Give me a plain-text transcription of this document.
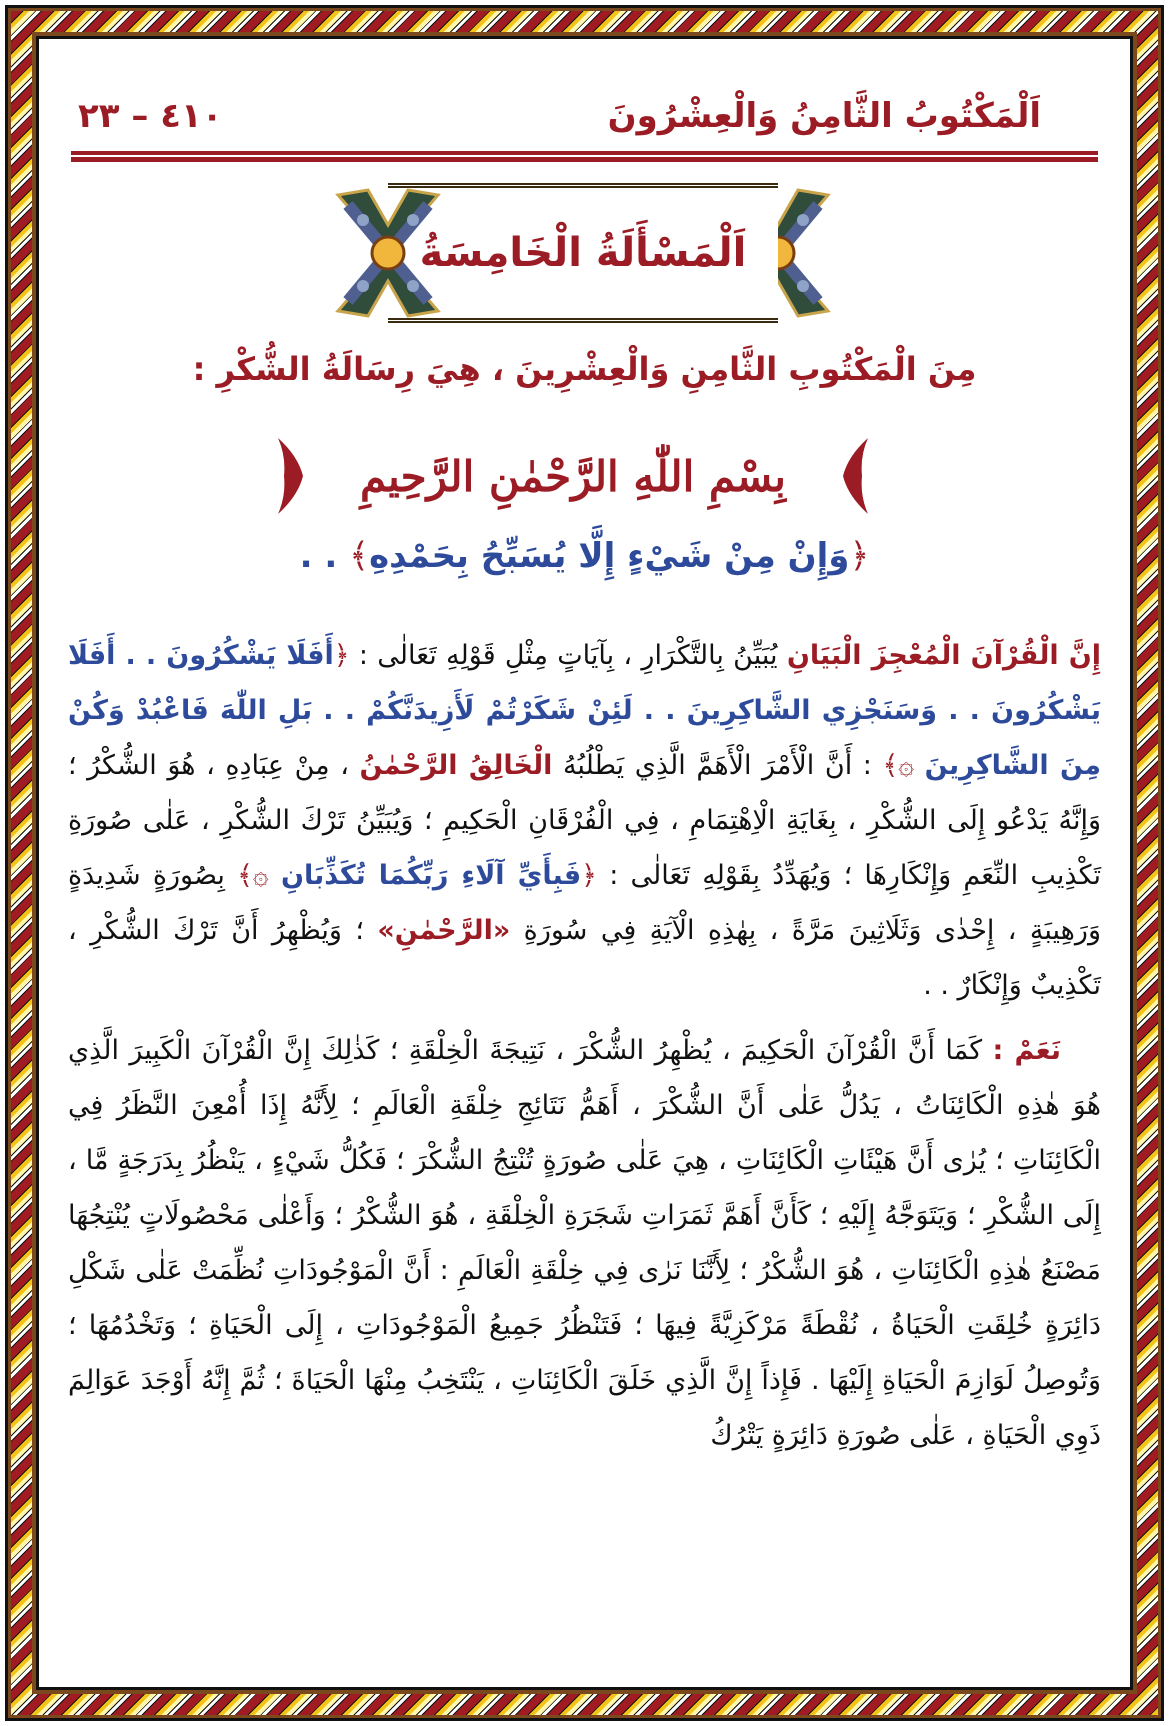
اَلْمَكْتُوبُ الثَّامِنُ وَالْعِشْرُونَ
٤١٠ – ٢٣
اَلْمَسْأَلَةُ الْخَامِسَةُ
مِنَ الْمَكْتُوبِ الثَّامِنِ وَالْعِشْرِينَ ، هِيَ رِسَالَةُ الشُّكْرِ :
بِسْمِ اللّٰهِ الرَّحْمٰنِ الرَّحِيمِ
﴿وَإِنْ مِنْ شَيْءٍ إِلَّا يُسَبِّحُ بِحَمْدِهِ﴾ . .

إِنَّ الْقُرْآنَ الْمُعْجِزَ الْبَيَانِ يُبَيِّنُ بِالتَّكْرَارِ ، بِآيَاتٍ مِثْلِ قَوْلِهِ تَعَالٰى : ﴿أَفَلَا يَشْكُرُونَ . . أَفَلَا يَشْكُرُونَ . . وَسَنَجْزِي الشَّاكِرِينَ . . لَئِنْ شَكَرْتُمْ لَأَزِيدَنَّكُمْ . . بَلِ اللّٰهَ فَاعْبُدْ وَكُنْ مِنَ الشَّاكِرِينَ ۞﴾ : أَنَّ الْأَمْرَ الْأَهَمَّ الَّذِي يَطْلُبُهُ الْخَالِقُ الرَّحْمٰنُ ، مِنْ عِبَادِهِ ، هُوَ الشُّكْرُ ؛ وَإِنَّهُ يَدْعُو إِلَى الشُّكْرِ ، بِغَايَةِ الْاِهْتِمَامِ ، فِي الْفُرْقَانِ الْحَكِيمِ ؛ وَيُبَيِّنُ تَرْكَ الشُّكْرِ ، عَلٰى صُورَةِ تَكْذِيبِ النِّعَمِ وَإِنْكَارِهَا ؛ وَيُهَدِّدُ بِقَوْلِهِ تَعَالٰى : ﴿فَبِأَيِّ آلَاءِ رَبِّكُمَا تُكَذِّبَانِ ۞﴾ بِصُورَةٍ شَدِيدَةٍ وَرَهِيبَةٍ ، إِحْدٰى وَثَلَاثِينَ مَرَّةً ، بِهٰذِهِ الْآيَةِ فِي سُورَةِ «الرَّحْمٰنِ» ؛ وَيُظْهِرُ أَنَّ تَرْكَ الشُّكْرِ ، تَكْذِيبٌ وَإِنْكَارٌ . .

نَعَمْ : كَمَا أَنَّ الْقُرْآنَ الْحَكِيمَ ، يُظْهِرُ الشُّكْرَ ، نَتِيجَةَ الْخِلْقَةِ ؛ كَذٰلِكَ إِنَّ الْقُرْآنَ الْكَبِيرَ الَّذِي هُوَ هٰذِهِ الْكَائِنَاتُ ، يَدُلُّ عَلٰى أَنَّ الشُّكْرَ ، أَهَمُّ نَتَائِجِ خِلْقَةِ الْعَالَمِ ؛ لِأَنَّهُ إِذَا أُمْعِنَ النَّظَرُ فِي الْكَائِنَاتِ ؛ يُرٰى أَنَّ هَيْئَاتِ الْكَائِنَاتِ ، هِيَ عَلٰى صُورَةٍ تُنْتِجُ الشُّكْرَ ؛ فَكُلُّ شَيْءٍ ، يَنْظُرُ بِدَرَجَةٍ مَّا ، إِلَى الشُّكْرِ ؛ وَيَتَوَجَّهُ إِلَيْهِ ؛ كَأَنَّ أَهَمَّ ثَمَرَاتِ شَجَرَةِ الْخِلْقَةِ ، هُوَ الشُّكْرُ ؛ وَأَعْلٰى مَحْصُولَاتٍ يُنْتِجُهَا مَصْنَعُ هٰذِهِ الْكَائِنَاتِ ، هُوَ الشُّكْرُ ؛ لِأَنَّنَا نَرٰى فِي خِلْقَةِ الْعَالَمِ : أَنَّ الْمَوْجُودَاتِ نُظِّمَتْ عَلٰى شَكْلِ دَائِرَةٍ خُلِقَتِ الْحَيَاةُ ، نُقْطَةً مَرْكَزِيَّةً فِيهَا ؛ فَتَنْظُرُ جَمِيعُ الْمَوْجُودَاتِ ، إِلَى الْحَيَاةِ ؛ وَتَخْدُمُهَا ؛ وَتُوصِلُ لَوَازِمَ الْحَيَاةِ إِلَيْهَا . فَإِذاً إِنَّ الَّذِي خَلَقَ الْكَائِنَاتِ ، يَنْتَخِبُ مِنْهَا الْحَيَاةَ ؛ ثُمَّ إِنَّهُ أَوْجَدَ عَوَالِمَ ذَوِي الْحَيَاةِ ، عَلٰى صُورَةِ دَائِرَةٍ يَتْرُكُ
